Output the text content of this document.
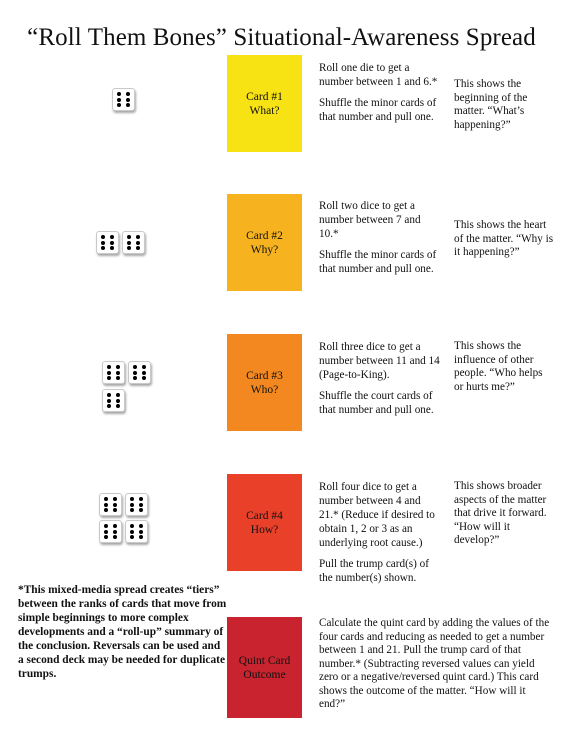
“Roll Them Bones” Situational-Awareness Spread
Card #1
What?

Roll one die to get a number between 1 and 6.*

Shuffle the minor cards of that number and pull one.

This shows the beginning of the matter. “What’s happening?”
Card #2
Why?

Roll two dice to get a number between 7 and 10.*

Shuffle the minor cards of that number and pull one.

This shows the heart of the matter. “Why is it happening?”
Card #3
Who?

Roll three dice to get a number between 11 and 14 (Page-to-King).

Shuffle the court cards of that number and pull one.

This shows the influence of other people. “Who helps or hurts me?”
Card #4
How?

Roll four dice to get a number between 4 and 21.* (Reduce if desired to obtain 1, 2 or 3 as an underlying root cause.)

Pull the trump card(s) of the number(s) shown.

This shows broader aspects of the matter that drive it forward. “How will it develop?”
*This mixed-media spread creates “tiers” between the ranks of cards that move from simple beginnings to more complex developments and a “roll-up” summary of the conclusion. Reversals can be used and a second deck may be needed for duplicate trumps.
Quint Card
Outcome
Calculate the quint card by adding the values of the four cards and reducing as needed to get a number between 1 and 21. Pull the trump card of that number.* (Subtracting reversed values can yield zero or a negative/reversed quint card.) This card shows the outcome of the matter. “How will it end?”
